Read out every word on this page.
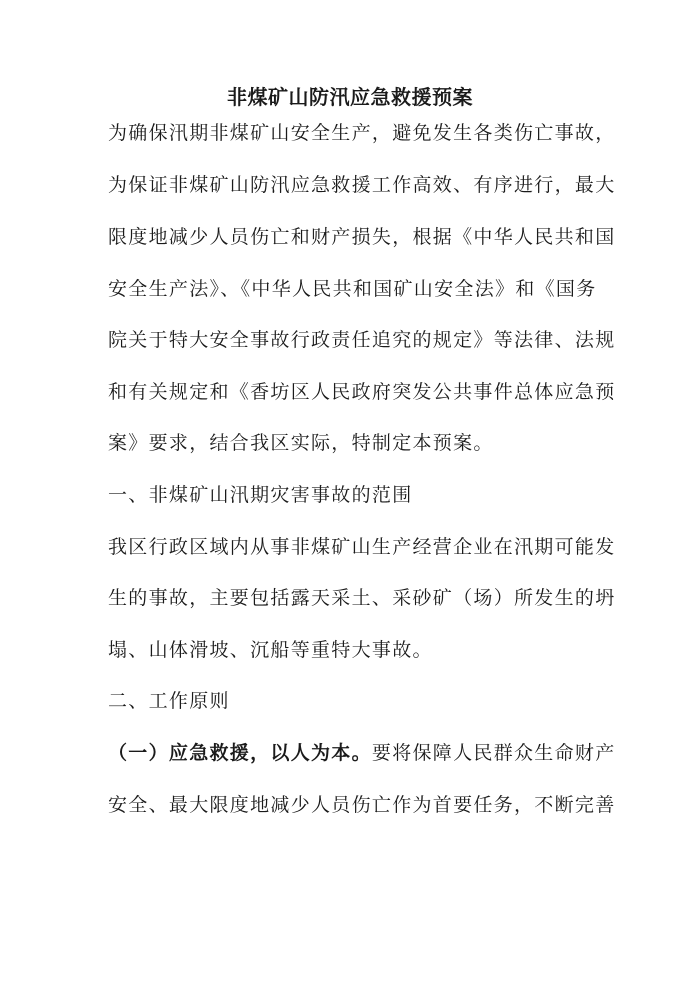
非煤矿山防汛应急救援预案
为确保汛期非煤矿山安全生产，避免发生各类伤亡事故，
为保证非煤矿山防汛应急救援工作高效、有序进行，最大
限度地减少人员伤亡和财产损失，根据《中华人民共和国
安全生产法》、《中华人民共和国矿山安全法》和《国务
院关于特大安全事故行政责任追究的规定》等法律、法规
和有关规定和《香坊区人民政府突发公共事件总体应急预
案》要求，结合我区实际，特制定本预案。
一、非煤矿山汛期灾害事故的范围
我区行政区域内从事非煤矿山生产经营企业在汛期可能发
生的事故，主要包括露天采土、采砂矿（场）所发生的坍
塌、山体滑坡、沉船等重特大事故。
二、工作原则
（一）应急救援，以人为本。要将保障人民群众生命财产
安全、最大限度地减少人员伤亡作为首要任务，不断完善
